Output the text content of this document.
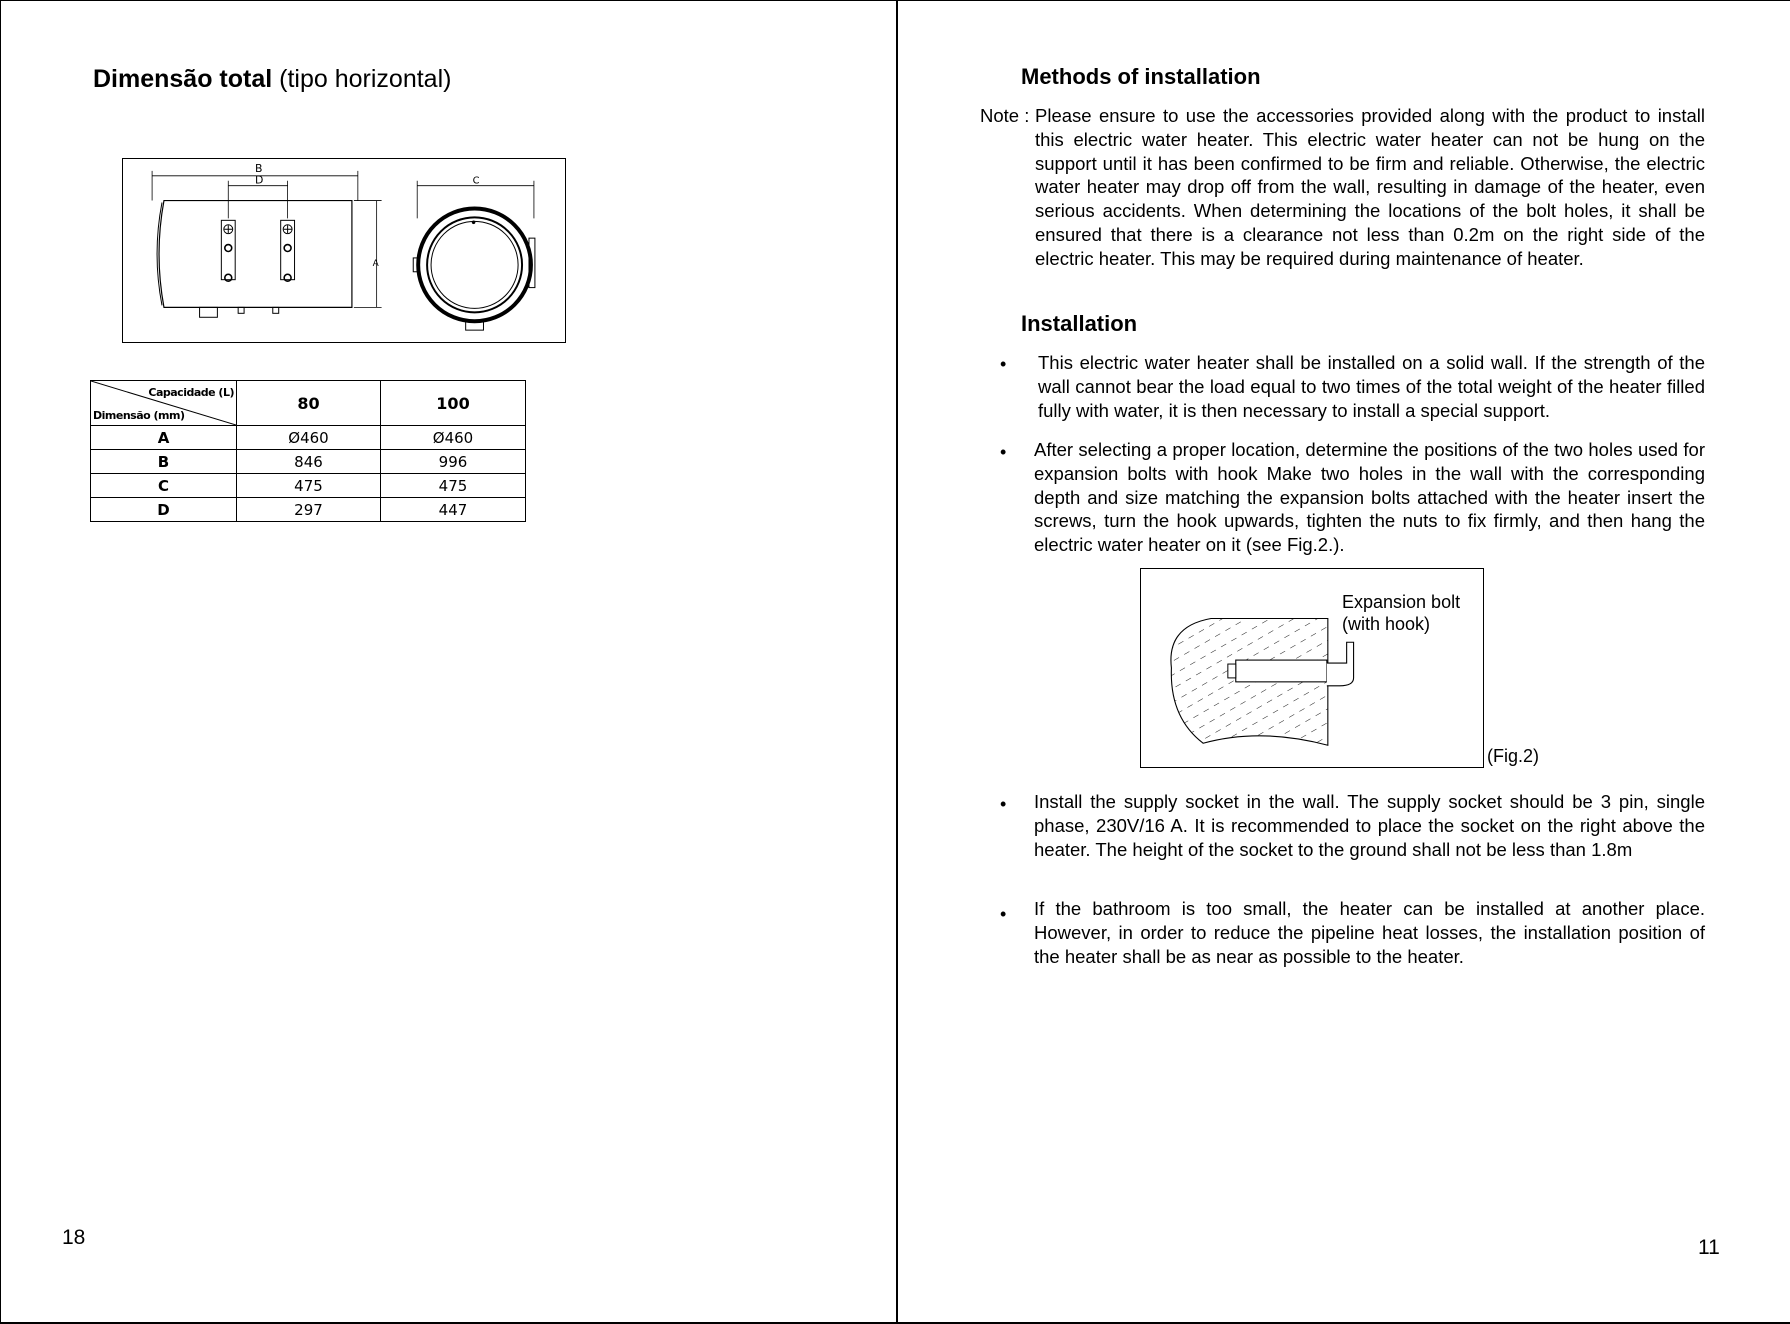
Dimensão total (tipo horizontal)
B
D	C
A
Capacidade (L)
Dimensão (mm)	80	100
A	Ø460	Ø460
B	846	996
C	475	475
D	297	447
18
Methods of installation
Note : Please ensure to use the accessories provided along with the product to install this electric water heater. This electric water heater can not be hung on the support until it has been confirmed to be firm and reliable. Otherwise, the electric water heater may drop off from the wall, resulting in damage of the heater, even serious accidents. When determining the locations of the bolt holes, it shall be ensured that there is a clearance not less than 0.2m on the right side of the electric heater. This may be required during maintenance of heater.
Installation
• This electric water heater shall be installed on a solid wall. If the strength of the wall cannot bear the load equal to two times of the total weight of the heater filled fully with water, it is then necessary to install a special support.
• After selecting a proper location, determine the positions of the two holes used for expansion bolts with hook Make two holes in the wall with the corresponding depth and size matching the expansion bolts attached with the heater insert the screws, turn the hook upwards, tighten the nuts to fix firmly, and then hang the electric water heater on it (see Fig.2.).
Expansion bolt
(with hook)
(Fig.2)
• Install the supply socket in the wall. The supply socket should be 3 pin, single phase, 230V/16 A. It is recommended to place the socket on the right above the heater. The height of the socket to the ground shall not be less than 1.8m
• If the bathroom is too small, the heater can be installed at another place. However, in order to reduce the pipeline heat losses, the installation position of the heater shall be as near as possible to the heater.
11
